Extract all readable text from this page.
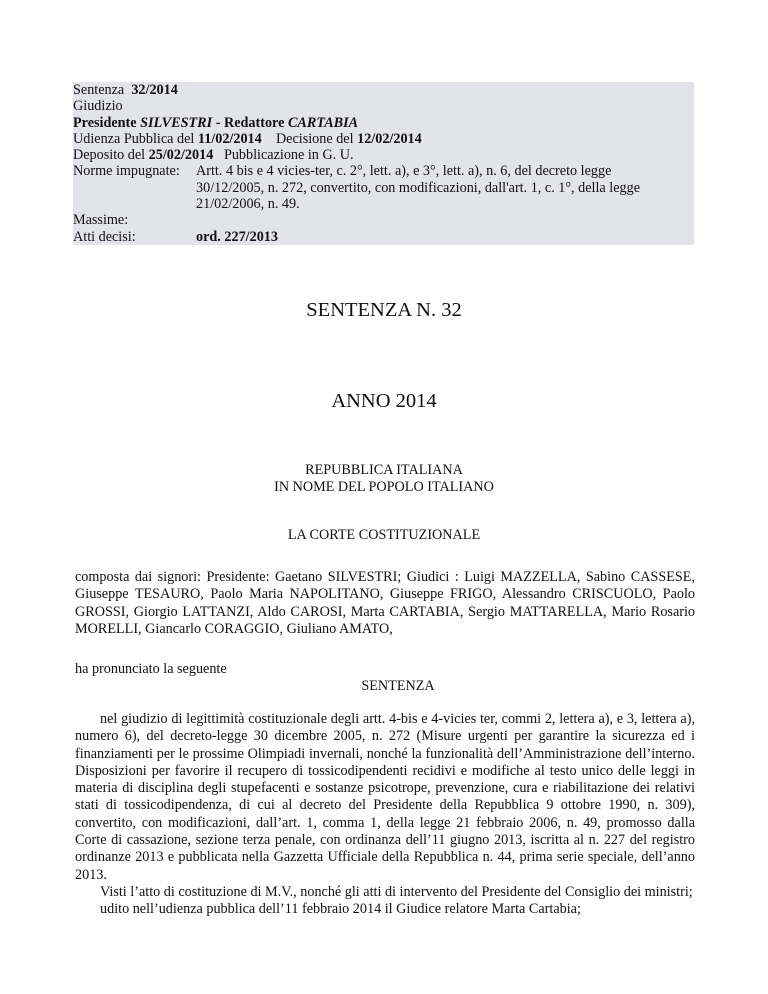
Sentenza 32/2014
Giudizio
Presidente SILVESTRI - Redattore CARTABIA
Udienza Pubblica del 11/02/2014 Decisione del 12/02/2014
Deposito del 25/02/2014 Pubblicazione in G. U.
Norme impugnate: Artt. 4 bis e 4 vicies-ter, c. 2°, lett. a), e 3°, lett. a), n. 6, del decreto legge
30/12/2005, n. 272, convertito, con modificazioni, dall'art. 1, c. 1°, della legge
21/02/2006, n. 49.
Massime:
Atti decisi:	ord. 227/2013
SENTENZA N. 32
ANNO 2014
REPUBBLICA ITALIANA
IN NOME DEL POPOLO ITALIANO
LA CORTE COSTITUZIONALE
composta dai signori: Presidente: Gaetano SILVESTRI; Giudici : Luigi MAZZELLA, Sabino CASSESE, Giuseppe TESAURO, Paolo Maria NAPOLITANO, Giuseppe FRIGO, Alessandro CRISCUOLO, Paolo GROSSI, Giorgio LATTANZI, Aldo CAROSI, Marta CARTABIA, Sergio MATTARELLA, Mario Rosario MORELLI, Giancarlo CORAGGIO, Giuliano AMATO,
ha pronunciato la seguente
SENTENZA

nel giudizio di legittimità costituzionale degli artt. 4-bis e 4-vicies ter, commi 2, lettera a), e 3, lettera a), numero 6), del decreto-legge 30 dicembre 2005, n. 272 (Misure urgenti per garantire la sicurezza ed i finanziamenti per le prossime Olimpiadi invernali, nonché la funzionalità dell’Amministrazione dell’interno. Disposizioni per favorire il recupero di tossicodipendenti recidivi e modifiche al testo unico delle leggi in materia di disciplina degli stupefacenti e sostanze psicotrope, prevenzione, cura e riabilitazione dei relativi stati di tossicodipendenza, di cui al decreto del Presidente della Repubblica 9 ottobre 1990, n. 309), convertito, con modificazioni, dall’art. 1, comma 1, della legge 21 febbraio 2006, n. 49, promosso dalla Corte di cassazione, sezione terza penale, con ordinanza dell’11 giugno 2013, iscritta al n. 227 del registro ordinanze 2013 e pubblicata nella Gazzetta Ufficiale della Repubblica n. 44, prima serie speciale, dell’anno 2013.

Visti l’atto di costituzione di M.V., nonché gli atti di intervento del Presidente del Consiglio dei ministri;

udito nell’udienza pubblica dell’11 febbraio 2014 il Giudice relatore Marta Cartabia;
